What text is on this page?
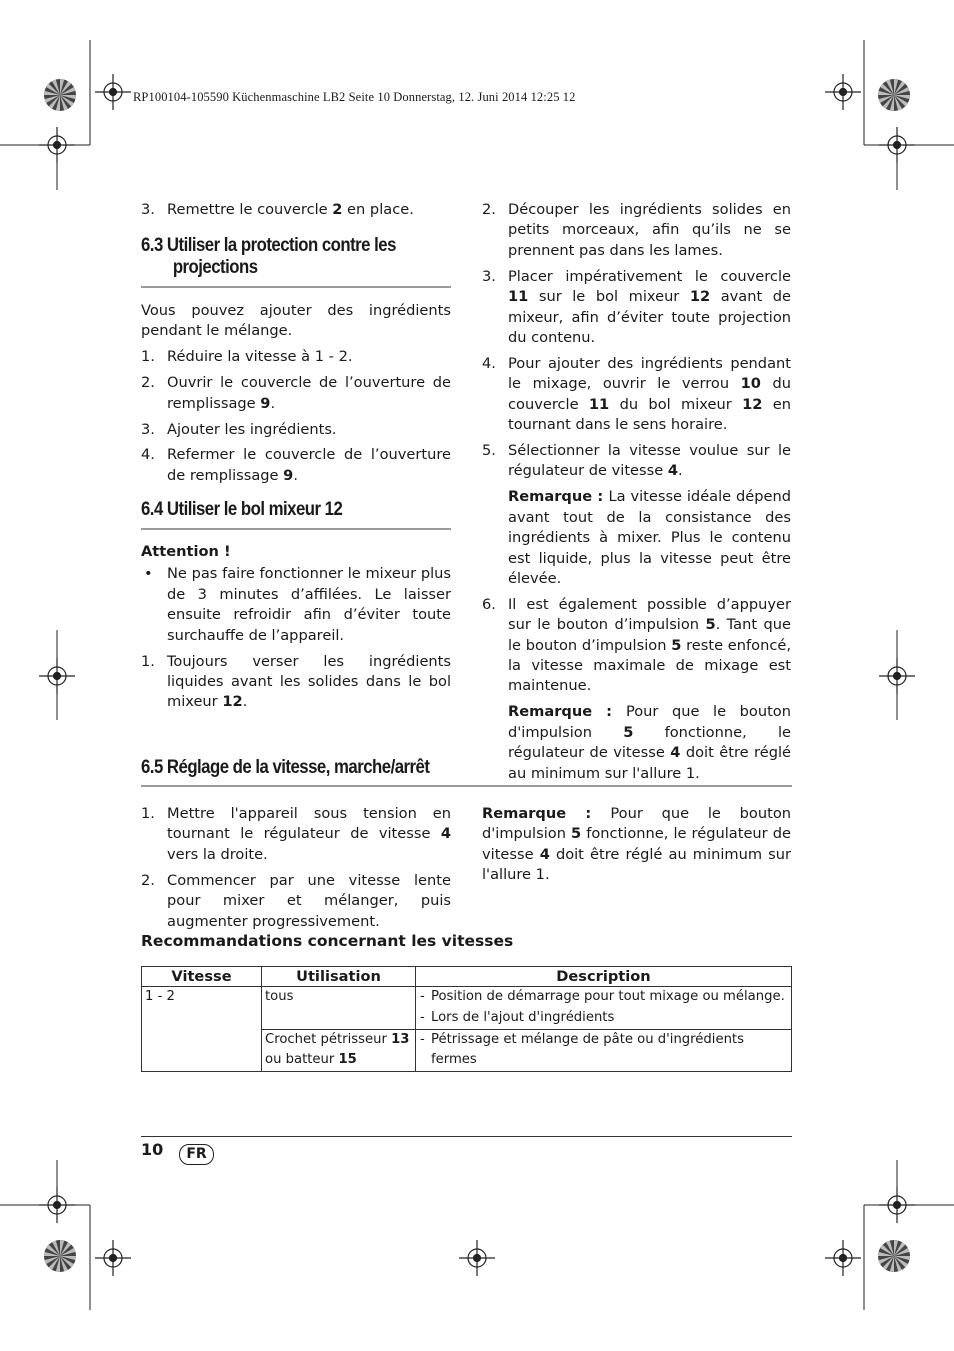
RP100104-105590 Küchenmaschine LB2 Seite 10 Donnerstag, 12. Juni 2014 12:25 12

3. Remettre le couvercle 2 en place.

6.3 Utiliser la protection contre les
projections

Vous pouvez ajouter des ingrédients pendant le mélange.

1. Réduire la vitesse à 1 - 2.

2. Ouvrir le couvercle de l’ouverture de remplissage 9.

3. Ajouter les ingrédients.

4. Refermer le couvercle de l’ouverture de remplissage 9.

6.4 Utiliser le bol mixeur 12

Attention !

• Ne pas faire fonctionner le mixeur plus de 3 minutes d’affilées. Le laisser ensuite refroidir afin d’éviter toute surchauffe de l’appareil.

1. Toujours verser les ingrédients liquides avant les solides dans le bol mixeur 12.

2. Découper les ingrédients solides en petits morceaux, afin qu’ils ne se prennent pas dans les lames.

3. Placer impérativement le couvercle 11 sur le bol mixeur 12 avant de mixeur, afin d’éviter toute projection du contenu.

4. Pour ajouter des ingrédients pendant le mixage, ouvrir le verrou 10 du couvercle 11 du bol mixeur 12 en tournant dans le sens horaire.

5. Sélectionner la vitesse voulue sur le régulateur de vitesse 4.

Remarque : La vitesse idéale dépend avant tout de la consistance des ingrédients à mixer. Plus le contenu est liquide, plus la vitesse peut être élevée.

6. Il est également possible d’appuyer sur le bouton d’impulsion 5. Tant que le bouton d’impulsion 5 reste enfoncé, la vitesse maximale de mixage est maintenue.

Remarque : Pour que le bouton d'impulsion 5 fonctionne, le régulateur de vitesse 4 doit être réglé au minimum sur l'allure 1.

6.5 Réglage de la vitesse, marche/arrêt

1. Mettre l'appareil sous tension en tournant le régulateur de vitesse 4 vers la droite.

2. Commencer par une vitesse lente pour mixer et mélanger, puis augmenter progressivement.

Remarque : Pour que le bouton d'impulsion 5 fonctionne, le régulateur de vitesse 4 doit être réglé au minimum sur l'allure 1.

Recommandations concernant les vitesses
Vitesse	Utilisation	Description
1 - 2	tous	- Position de démarrage pour tout mixage ou mélange.
- Lors de l'ajout d'ingrédients

	Crochet pétrisseur 13
ou batteur 15	- Pétrissage et mélange de pâte ou d'ingrédients fermes
10	FR
